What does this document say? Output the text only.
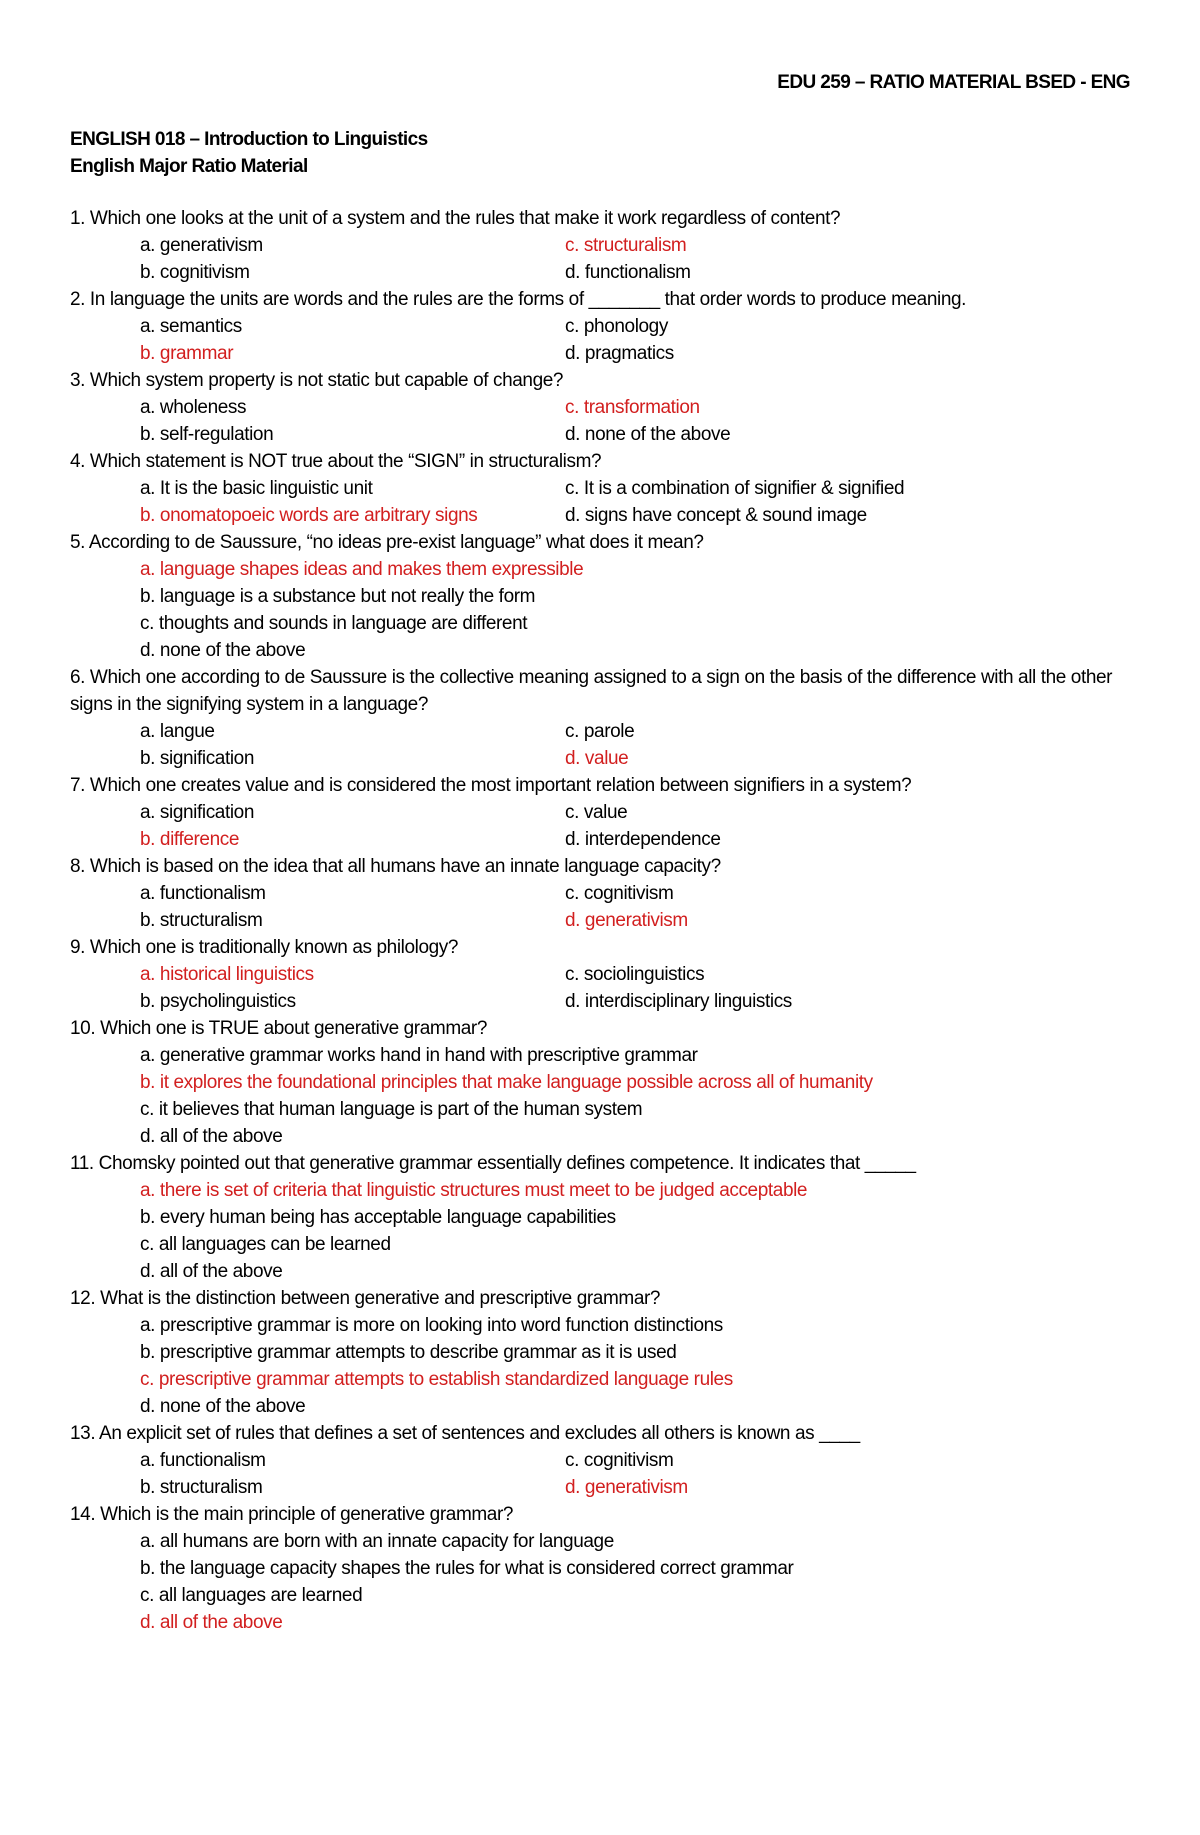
EDU 259 – RATIO MATERIAL BSED - ENG
ENGLISH 018 – Introduction to Linguistics
English Major Ratio Material
1. Which one looks at the unit of a system and the rules that make it work regardless of content?
a. generativism	c. structuralism
b. cognitivism	d. functionalism
2. In language the units are words and the rules are the forms of _______ that order words to produce meaning.
a. semantics	c. phonology
b. grammar	d. pragmatics
3. Which system property is not static but capable of change?
a. wholeness	c. transformation
b. self-regulation	d. none of the above
4. Which statement is NOT true about the “SIGN” in structuralism?
a. It is the basic linguistic unit	c. It is a combination of signifier & signified
b. onomatopoeic words are arbitrary signs	d. signs have concept & sound image
5. According to de Saussure, “no ideas pre-exist language” what does it mean?
a. language shapes ideas and makes them expressible
b. language is a substance but not really the form
c. thoughts and sounds in language are different
d. none of the above
6. Which one according to de Saussure is the collective meaning assigned to a sign on the basis of the difference with all the other signs in the signifying system in a language?
a. langue	c. parole
b. signification	d. value
7. Which one creates value and is considered the most important relation between signifiers in a system?
a. signification	c. value
b. difference	d. interdependence
8. Which is based on the idea that all humans have an innate language capacity?
a. functionalism	c. cognitivism
b. structuralism	d. generativism
9. Which one is traditionally known as philology?
a. historical linguistics	c. sociolinguistics
b. psycholinguistics	d. interdisciplinary linguistics
10. Which one is TRUE about generative grammar?
a. generative grammar works hand in hand with prescriptive grammar
b. it explores the foundational principles that make language possible across all of humanity
c. it believes that human language is part of the human system
d. all of the above
11. Chomsky pointed out that generative grammar essentially defines competence. It indicates that _____
a. there is set of criteria that linguistic structures must meet to be judged acceptable
b. every human being has acceptable language capabilities
c. all languages can be learned
d. all of the above
12. What is the distinction between generative and prescriptive grammar?
a. prescriptive grammar is more on looking into word function distinctions
b. prescriptive grammar attempts to describe grammar as it is used
c. prescriptive grammar attempts to establish standardized language rules
d. none of the above
13. An explicit set of rules that defines a set of sentences and excludes all others is known as ____
a. functionalism	c. cognitivism
b. structuralism	d. generativism
14. Which is the main principle of generative grammar?
a. all humans are born with an innate capacity for language
b. the language capacity shapes the rules for what is considered correct grammar
c. all languages are learned
d. all of the above
